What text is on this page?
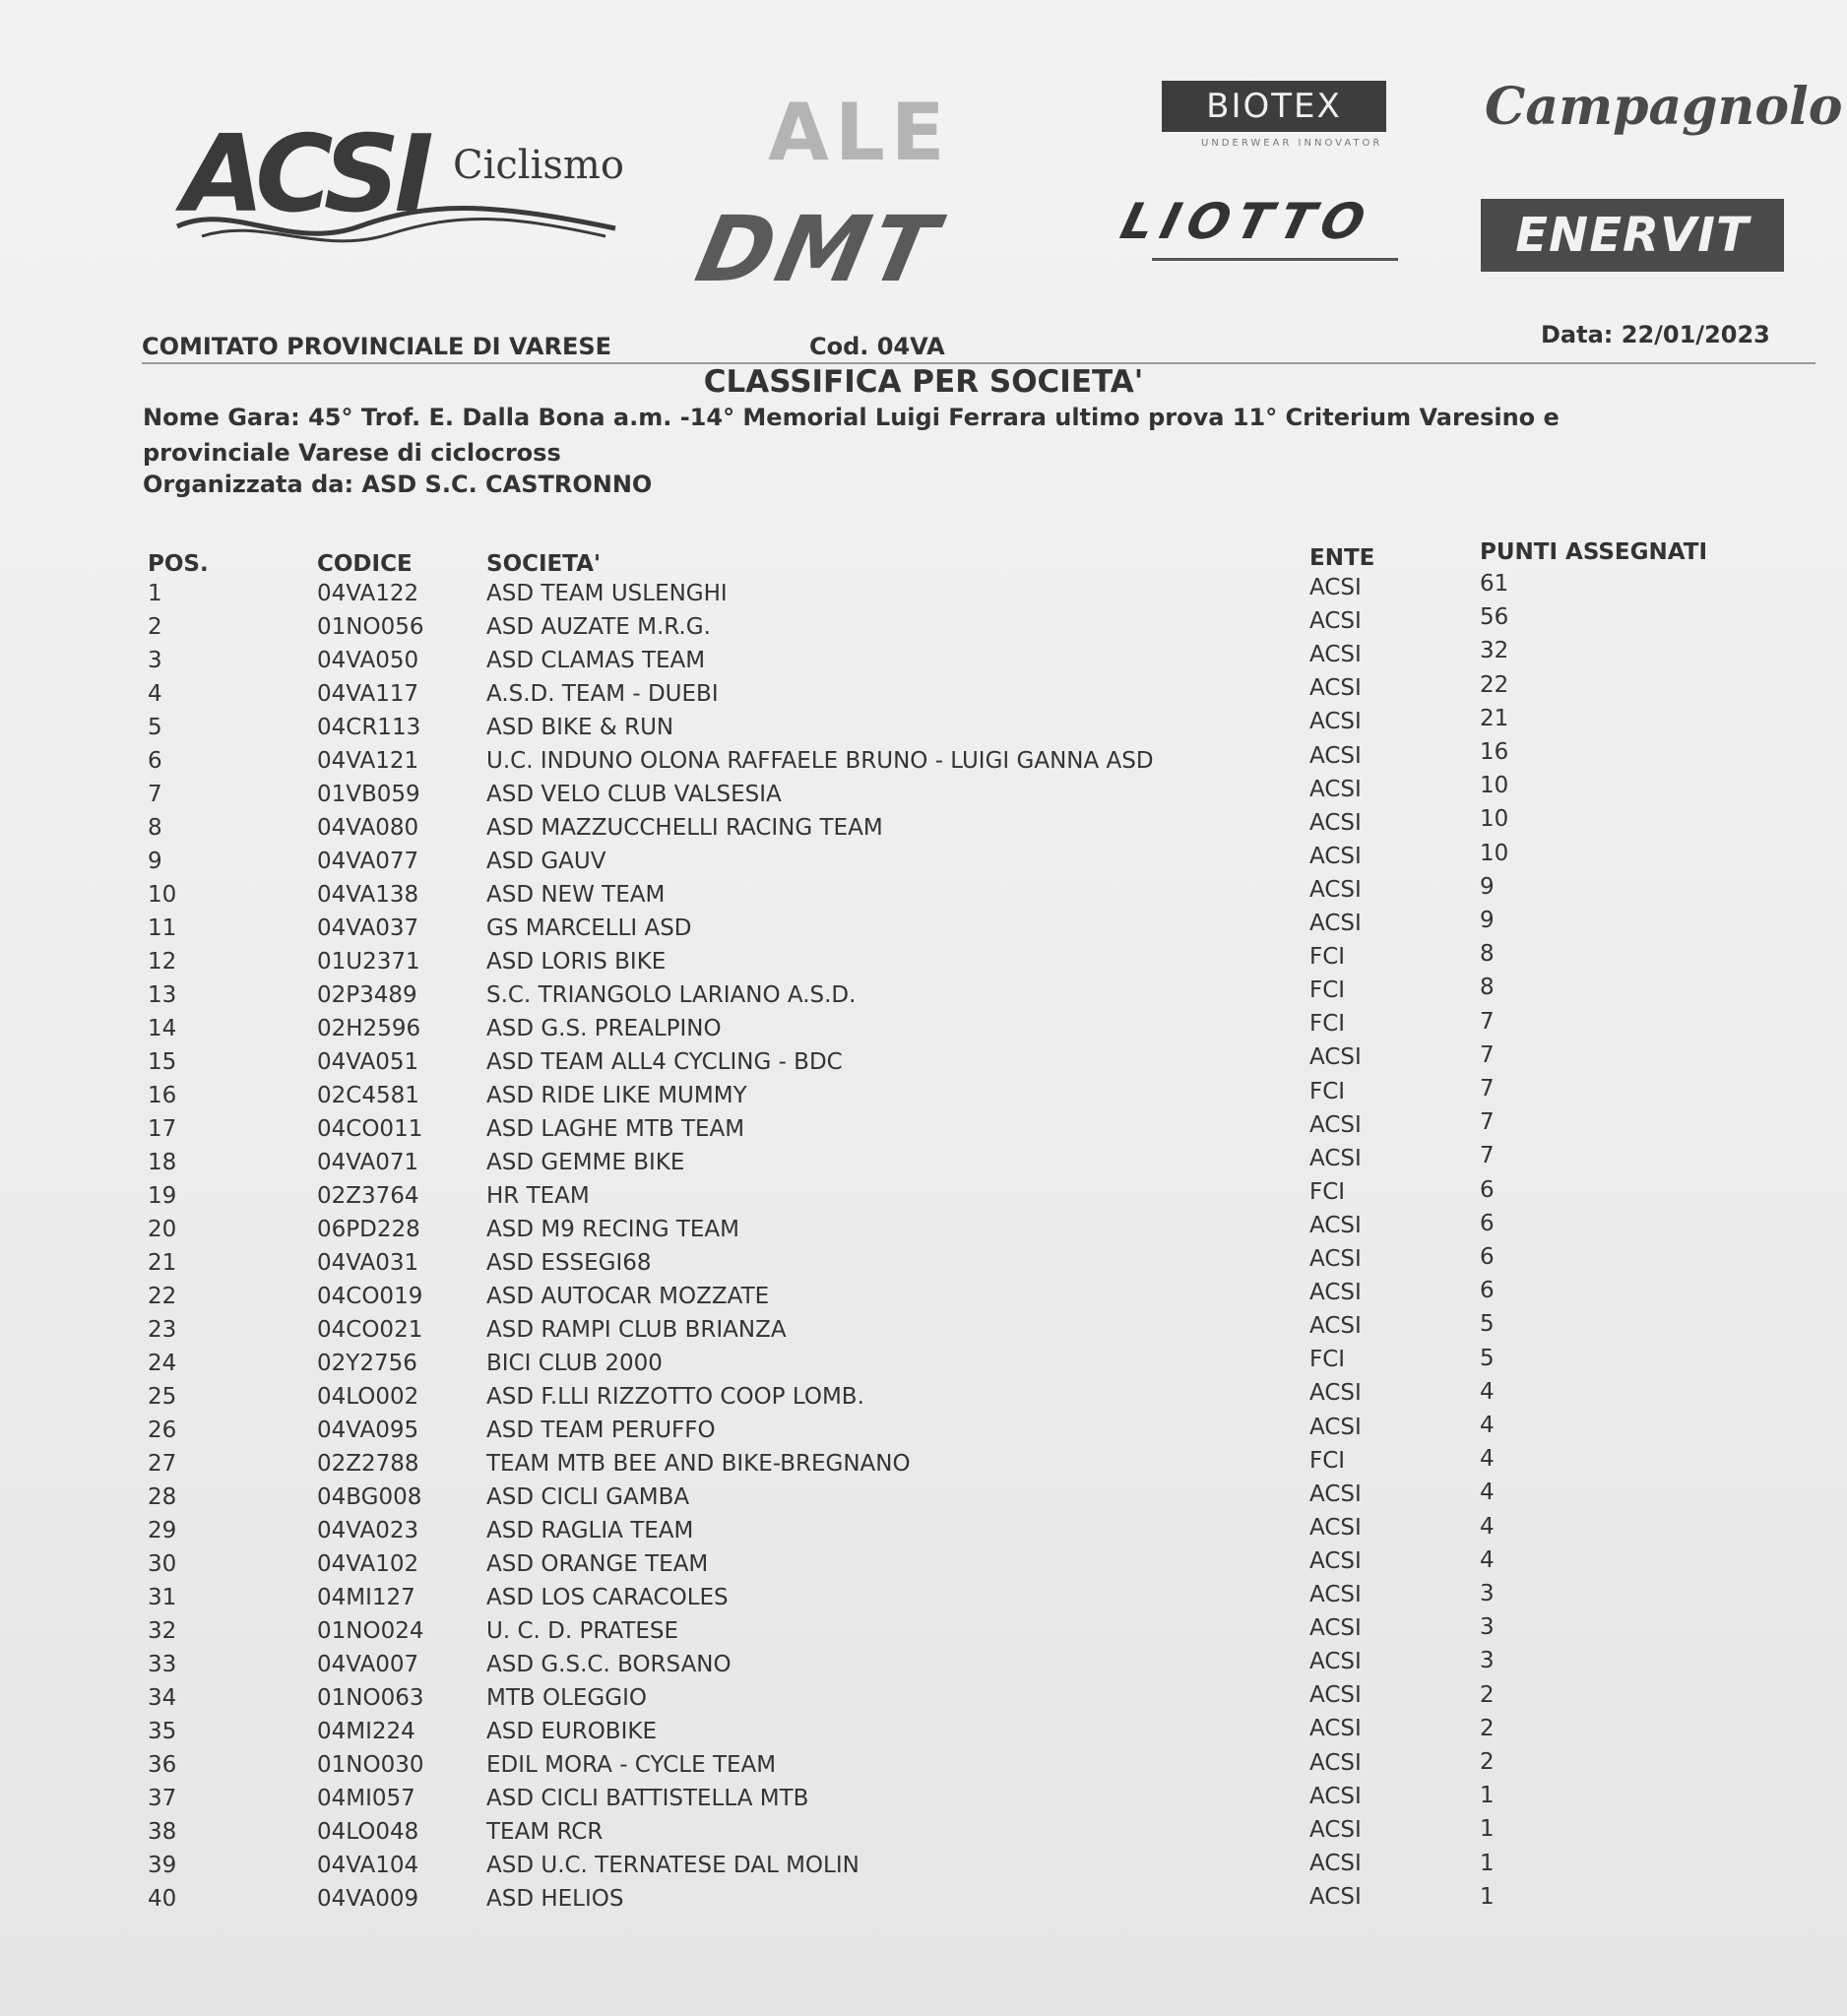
ACSI Ciclismo ALE
DMT
BIOTEX
UNDERWEAR INNOVATOR
Campagnolo
LIOTTO	ENERVIT
COMITATO PROVINCIALE DI VARESE	Cod. 04VA	Data: 22/01/2023
CLASSIFICA PER SOCIETA'
Nome Gara: 45° Trof. E. Dalla Bona a.m. -14° Memorial Luigi Ferrara ultimo prova 11° Criterium Varesino e
provinciale Varese di ciclocross
Organizzata da: ASD S.C. CASTRONNO
POS.	CODICE	SOCIETA'	ENTE	PUNTI ASSEGNATI
1	04VA122	ASD TEAM USLENGHI	ACSI	61
2	01NO056	ASD AUZATE M.R.G.	ACSI	56
3	04VA050	ASD CLAMAS TEAM	ACSI	32
4	04VA117	A.S.D. TEAM - DUEBI	ACSI	22
5	04CR113	ASD BIKE & RUN	ACSI	21
6	04VA121	U.C. INDUNO OLONA RAFFAELE BRUNO - LUIGI GANNA ASD	ACSI	16
7	01VB059	ASD VELO CLUB VALSESIA	ACSI	10
8	04VA080	ASD MAZZUCCHELLI RACING TEAM	ACSI	10
9	04VA077	ASD GAUV	ACSI	10
10	04VA138	ASD NEW TEAM	ACSI	9
11	04VA037	GS MARCELLI ASD	ACSI	9
12	01U2371	ASD LORIS BIKE	FCI	8
13	02P3489	S.C. TRIANGOLO LARIANO A.S.D.	FCI	8
14	02H2596	ASD G.S. PREALPINO	FCI	7
15	04VA051	ASD TEAM ALL4 CYCLING - BDC	ACSI	7
16	02C4581	ASD RIDE LIKE MUMMY	FCI	7
17	04CO011	ASD LAGHE MTB TEAM	ACSI	7
18	04VA071	ASD GEMME BIKE	ACSI	7
19	02Z3764	HR TEAM	FCI	6
20	06PD228	ASD M9 RECING TEAM	ACSI	6
21	04VA031	ASD ESSEGI68	ACSI	6
22	04CO019	ASD AUTOCAR MOZZATE	ACSI	6
23	04CO021	ASD RAMPI CLUB BRIANZA	ACSI	5
24	02Y2756	BICI CLUB 2000	FCI	5
25	04LO002	ASD F.LLI RIZZOTTO COOP LOMB.	ACSI	4
26	04VA095	ASD TEAM PERUFFO	ACSI	4
27	02Z2788	TEAM MTB BEE AND BIKE-BREGNANO	FCI	4
28	04BG008	ASD CICLI GAMBA	ACSI	4
29	04VA023	ASD RAGLIA TEAM	ACSI	4
30	04VA102	ASD ORANGE TEAM	ACSI	4
31	04MI127	ASD LOS CARACOLES	ACSI	3
32	01NO024	U. C. D. PRATESE	ACSI	3
33	04VA007	ASD G.S.C. BORSANO	ACSI	3
34	01NO063	MTB OLEGGIO	ACSI	2
35	04MI224	ASD EUROBIKE	ACSI	2
36	01NO030	EDIL MORA - CYCLE TEAM	ACSI	2
37	04MI057	ASD CICLI BATTISTELLA MTB	ACSI	1
38	04LO048	TEAM RCR	ACSI	1
39	04VA104	ASD U.C. TERNATESE DAL MOLIN	ACSI	1
40	04VA009	ASD HELIOS	ACSI	1
